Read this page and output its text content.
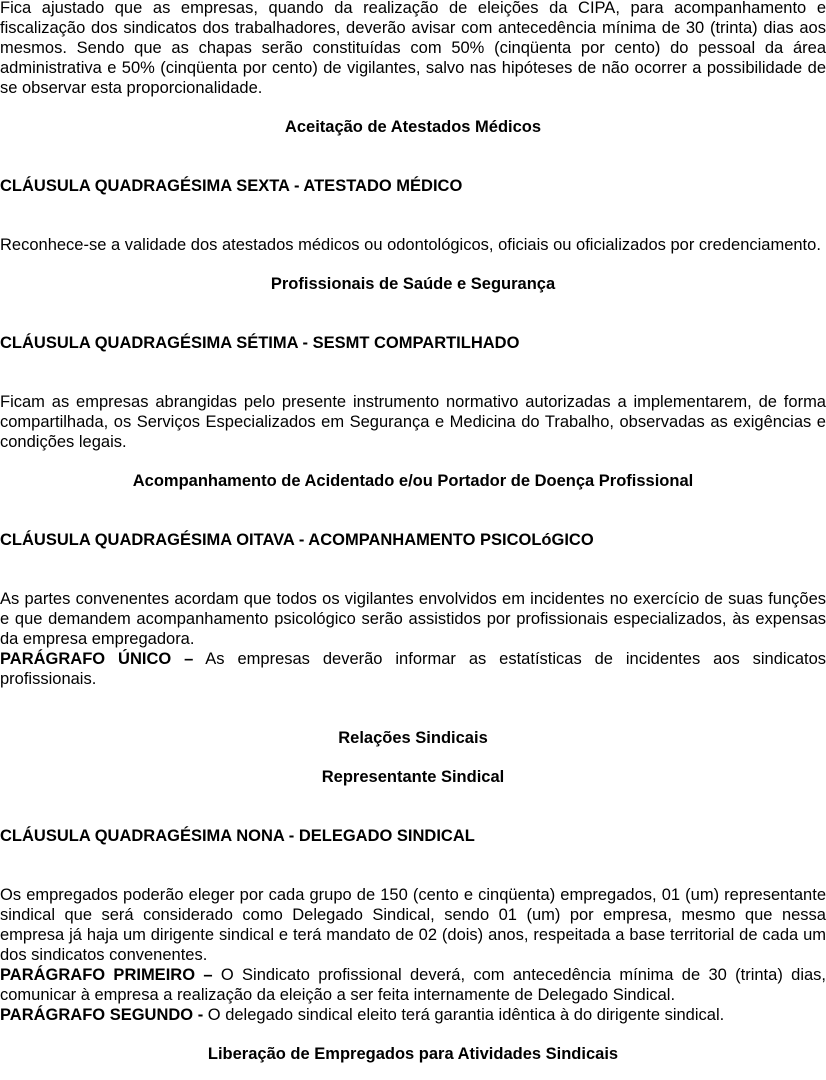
Fica ajustado que as empresas, quando da realização de eleições da CIPA, para acompanhamento e fiscalização dos sindicatos dos trabalhadores, deverão avisar com antecedência mínima de 30 (trinta) dias aos mesmos. Sendo que as chapas serão constituídas com 50% (cinqüenta por cento) do pessoal da área administrativa e 50% (cinqüenta por cento) de vigilantes, salvo nas hipóteses de não ocorrer a possibilidade de se observar esta proporcionalidade.

Aceitação de Atestados Médicos

CLÁUSULA QUADRAGÉSIMA SEXTA - ATESTADO MÉDICO

Reconhece-se a validade dos atestados médicos ou odontológicos, oficiais ou oficializados por credenciamento.

Profissionais de Saúde e Segurança

CLÁUSULA QUADRAGÉSIMA SÉTIMA - SESMT COMPARTILHADO

Ficam as empresas abrangidas pelo presente instrumento normativo autorizadas a implementarem, de forma compartilhada, os Serviços Especializados em Segurança e Medicina do Trabalho, observadas as exigências e condições legais.

Acompanhamento de Acidentado e/ou Portador de Doença Profissional

CLÁUSULA QUADRAGÉSIMA OITAVA - ACOMPANHAMENTO PSICOLóGICO

As partes convenentes acordam que todos os vigilantes envolvidos em incidentes no exercício de suas funções e que demandem acompanhamento psicológico serão assistidos por profissionais especializados, às expensas da empresa empregadora.

PARÁGRAFO ÚNICO – As empresas deverão informar as estatísticas de incidentes aos sindicatos profissionais.

Relações Sindicais

Representante Sindical

CLÁUSULA QUADRAGÉSIMA NONA - DELEGADO SINDICAL

Os empregados poderão eleger por cada grupo de 150 (cento e cinqüenta) empregados, 01 (um) representante sindical que será considerado como Delegado Sindical, sendo 01 (um) por empresa, mesmo que nessa empresa já haja um dirigente sindical e terá mandato de 02 (dois) anos, respeitada a base territorial de cada um dos sindicatos convenentes.

PARÁGRAFO PRIMEIRO – O Sindicato profissional deverá, com antecedência mínima de 30 (trinta) dias, comunicar à empresa a realização da eleição a ser feita internamente de Delegado Sindical.

PARÁGRAFO SEGUNDO - O delegado sindical eleito terá garantia idêntica à do dirigente sindical.

Liberação de Empregados para Atividades Sindicais
